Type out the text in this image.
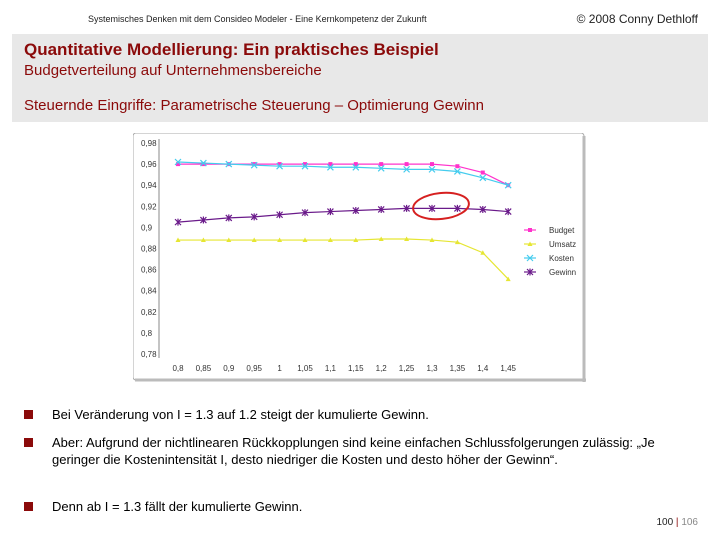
Systemisches Denken mit dem Consideo Modeler - Eine Kernkompetenz der Zukunft	© 2008 Conny Dethloff
Quantitative Modellierung: Ein praktisches Beispiel
Budgetverteilung auf Unternehmensbereiche
Steuernde Eingriffe: Parametrische Steuerung – Optimierung Gewinn
0,78
0,8
0,82
0,84
0,86
0,88
0,9
0,92
0,94
0,96
0,98
0,8 0,85 0,9 0,95 1 1,05 1,1 1,15 1,2 1,25 1,3 1,35 1,4 1,45
Budget
Umsatz
Kosten
Gewinn
Bei Veränderung von I = 1.3 auf 1.2 steigt der kumulierte Gewinn.
Aber: Aufgrund der nichtlinearen Rückkopplungen sind keine einfachen Schlussfolgerungen zulässig: „Je geringer die Kostenintensität I, desto niedriger die Kosten und desto höher der Gewinn“.
Denn ab I = 1.3 fällt der kumulierte Gewinn.
100 | 106
